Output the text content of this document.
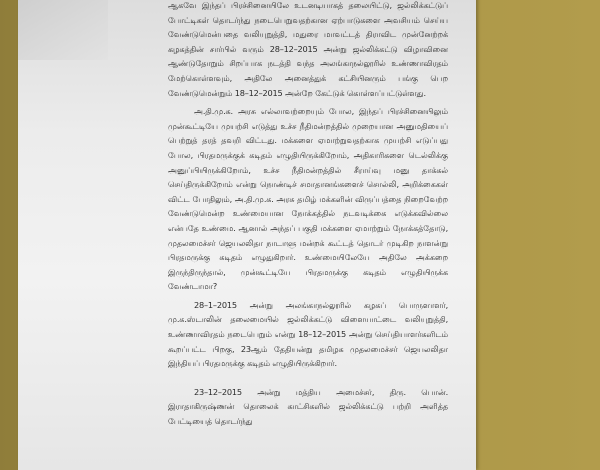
ஆகவே இந்தப் பிரச்சினையிலே உடனடியாகத் தலையிட்டு, ஜல்லிக்கட்டுப் போட்டிகள் தொடர்ந்து நடைபெறுவதற்கான ஏற்பாடுகளை அவசியம் செய்ய வேண்டுமென்பதை வலியுறுத்தி, மதுரை மாவட்டத் திராவிட முன்னேற்றக் கழகத்தின் சார்பில் வரும் 28–12–2015 அன்று ஜல்லிக்கட்டு விழாவினை ஆண்டுதோறும் சிறப்பாக நடத்தி வந்த அலங்காநல்லூரில் உண்ணாவிரதம் மேற்கொள்ளவும், அதிலே அனைத்துக் கட்சியினரும் பங்கு பெற வேண்டுமென்றும் 18–12–2015 அன்றே கேட்டுக் கொள்ளப்பட்டுள்ளது.

அ.தி.மு.க. அரசு எல்லாவற்றையும் போல, இந்தப் பிரச்சினையிலும் முன்கூட்டியே முயற்சி எடுத்து உச்ச நீதிமன்றத்தில் முறையான அனுமதியைப் பெற்றுத் தரத் தவறி விட்டது. மக்களை ஏமாற்றுவதற்காக முயற்சி எடுப்பது போல, பிரதமருக்குக் கடிதம் எழுதியிருக்கிறோம், அதிகாரிகளை டெல்லிக்கு அனுப்பியிருக்கிறோம், உச்ச நீதிமன்றத்தில் சீராய்வு மனு தாக்கல் செய்திருக்கிறோம் என்று நொண்டிச் சமாதானங்களைச் சொல்லி, அறிக்கைகள் விட்ட போதிலும், அ.தி.மு.க. அரசு தமிழ் மக்களின் விருப்பத்தை நிறைவேற்ற வேண்டுமென்ற உண்மையான நோக்கத்தில் நடவடிக்கை எடுக்கவில்லை என்பதே உண்மை. ஆனால் அந்தப் பகுதி மக்களை ஏமாற்றும் நோக்கத்தோடு, முதலமைச்சர் ஜெயலலிதா நாடாளு மன்றக் கூட்டத் தொடர் முடிகிற நாளன்று பிரதமருக்கு கடிதம் எழுதுகிறார். உண்மையிலேயே அதிலே அக்கறை இருந்திருந்தால், முன்கூட்டியே பிரதமருக்கு கடிதம் எழுதியிருக்க வேண்டாமா?

28–1–2015 அன்று அலங்காநல்லூரில் கழகப் பொருளாளர், மு.க.ஸ்டாலின் தலைமையில் ஜல்லிக்கட்டு விளையாட்டை வலியுறுத்தி, உண்ணாவிரதம் நடைபெறும் என்று 18–12–2015 அன்று செய்தியாளர்களிடம் கூறப்பட்ட பிறகு, 23ஆம் தேதியன்று தமிழக முதலமைச்சர் ஜெயலலிதா இந்தியப் பிரதமருக்கு கடிதம் எழுதியிருக்கிறார்.

23–12–2015 அன்று மத்திய அமைச்சர், திரு. பொன். இராதாகிருஷ்ணன் தொலைக் காட்சிகளில் ஜல்லிக்கட்டு பற்றி அளித்த பேட்டியைத் தொடர்ந்து
